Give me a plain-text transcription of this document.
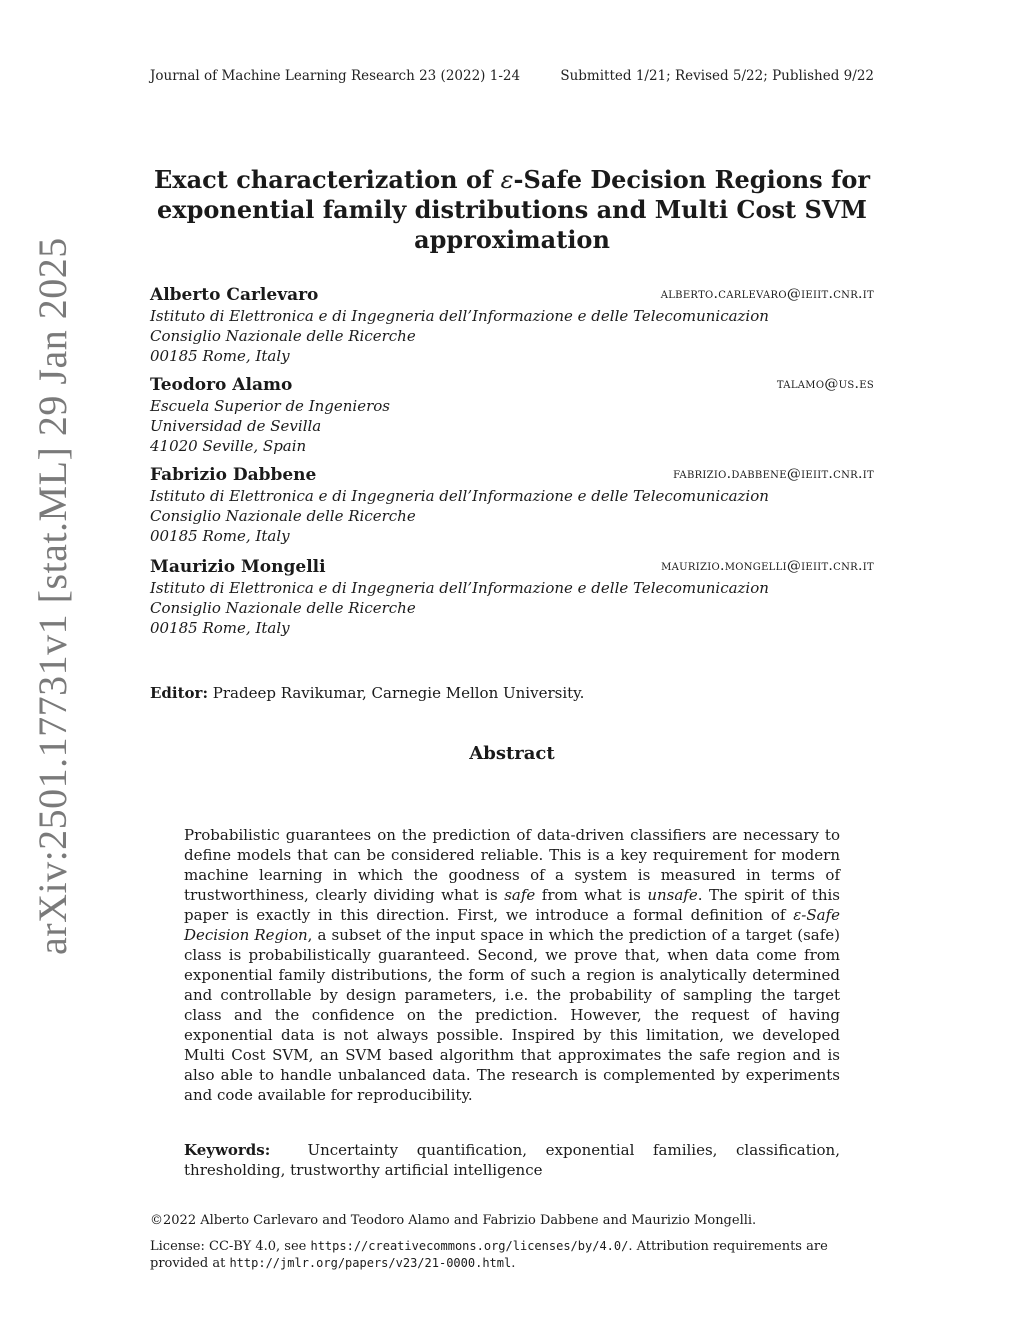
Journal of Machine Learning Research 23 (2022) 1-24	Submitted 1/21; Revised 5/22; Published 9/22
arXiv:2501.17731v1 [stat.ML] 29 Jan 2025
Exact characterization of ε-Safe Decision Regions for
exponential family distributions and Multi Cost SVM
approximation
Alberto Carlevaro	alberto.carlevaro@ieiit.cnr.it
Istituto di Elettronica e di Ingegneria dell’Informazione e delle Telecomunicazion
Consiglio Nazionale delle Ricerche
00185 Rome, Italy
Teodoro Alamo	talamo@us.es
Escuela Superior de Ingenieros
Universidad de Sevilla
41020 Seville, Spain
Fabrizio Dabbene	fabrizio.dabbene@ieiit.cnr.it
Istituto di Elettronica e di Ingegneria dell’Informazione e delle Telecomunicazion
Consiglio Nazionale delle Ricerche
00185 Rome, Italy
Maurizio Mongelli	maurizio.mongelli@ieiit.cnr.it
Istituto di Elettronica e di Ingegneria dell’Informazione e delle Telecomunicazion
Consiglio Nazionale delle Ricerche
00185 Rome, Italy
Editor: Pradeep Ravikumar, Carnegie Mellon University.
Abstract
Probabilistic guarantees on the prediction of data-driven classifiers are necessary to define models that can be considered reliable. This is a key requirement for modern machine learning in which the goodness of a system is measured in terms of trustworthiness, clearly dividing what is safe from what is unsafe. The spirit of this paper is exactly in this direction. First, we introduce a formal definition of ε-Safe Decision Region, a subset of the input space in which the prediction of a target (safe) class is probabilistically guaranteed. Second, we prove that, when data come from exponential family distributions, the form of such a region is analytically determined and controllable by design parameters, i.e. the probability of sampling the target class and the confidence on the prediction. However, the request of having exponential data is not always possible. Inspired by this limitation, we developed Multi Cost SVM, an SVM based algorithm that approximates the safe region and is also able to handle unbalanced data. The research is complemented by experiments and code available for reproducibility.
Keywords: Uncertainty quantification, exponential families, classification, thresholding, trustworthy artificial intelligence
©2022 Alberto Carlevaro and Teodoro Alamo and Fabrizio Dabbene and Maurizio Mongelli.
License: CC-BY 4.0, see https://creativecommons.org/licenses/by/4.0/. Attribution requirements are provided at http://jmlr.org/papers/v23/21-0000.html.
